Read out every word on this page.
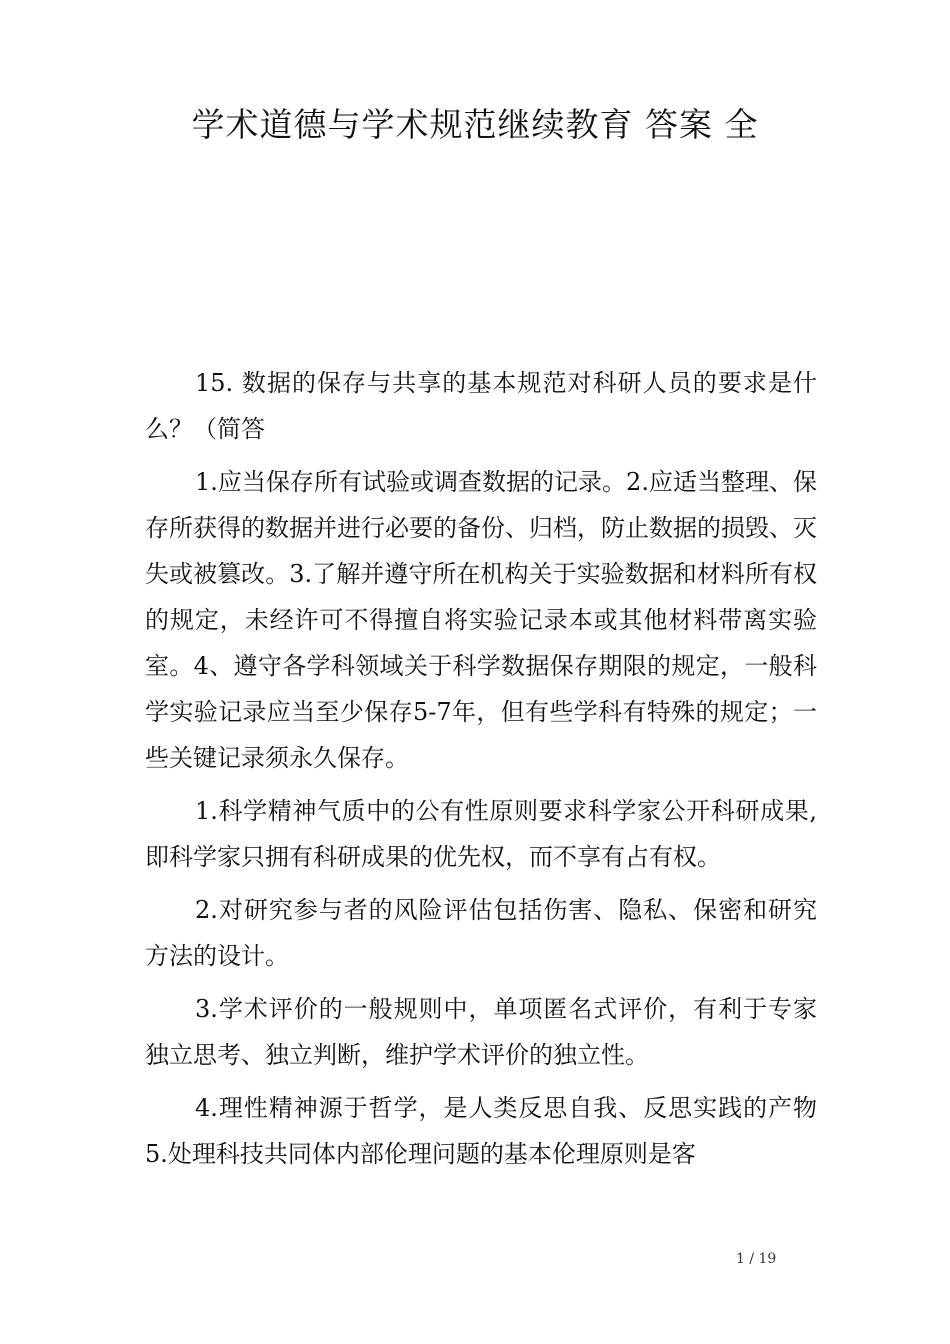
学术道德与学术规范继续教育 答案 全

15. 数据的保存与共享的基本规范对科研人员的要求是什么？（简答

1.应当保存所有试验或调查数据的记录。2.应适当整理、保存所获得的数据并进行必要的备份、归档，防止数据的损毁、灭失或被篡改。3.了解并遵守所在机构关于实验数据和材料所有权的规定，未经许可不得擅自将实验记录本或其他材料带离实验室。4、遵守各学科领域关于科学数据保存期限的规定，一般科学实验记录应当至少保存5-7年，但有些学科有特殊的规定；一些关键记录须永久保存。

1.科学精神气质中的公有性原则要求科学家公开科研成果,即科学家只拥有科研成果的优先权，而不享有占有权。

2.对研究参与者的风险评估包括伤害、隐私、保密和研究方法的设计。

3.学术评价的一般规则中，单项匿名式评价，有利于专家独立思考、独立判断，维护学术评价的独立性。

4.理性精神源于哲学，是人类反思自我、反思实践的产物   5.处理科技共同体内部伦理问题的基本伦理原则是客

1 / 19
